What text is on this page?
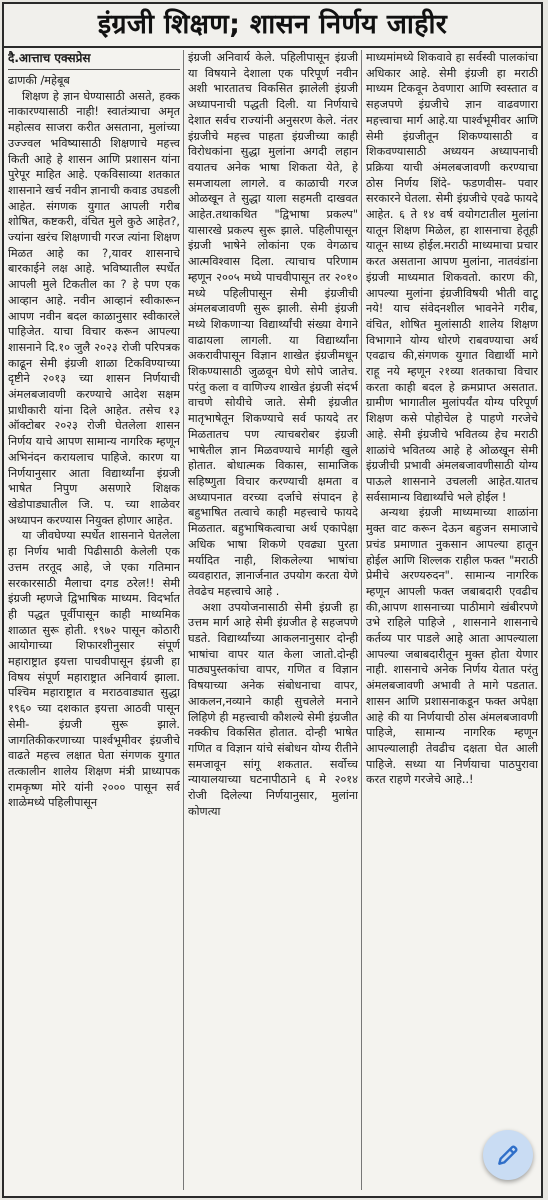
इंग्रजी शिक्षण; शासन निर्णय जाहीर
दै.आत्ताच एक्सप्रेस

ढाणकी /महेबूब

शिक्षण हे ज्ञान घेण्यासाठी असते, हक्क नाकारण्यासाठी नाही! स्वातंत्र्याचा अमृत महोत्सव साजरा करीत असताना, मुलांच्या उज्ज्वल भविष्यासाठी शिक्षणाचे महत्त्व किती आहे हे शासन आणि प्रशासन यांना पुरेपूर माहित आहे. एकविसाव्या शतकात शासनाने खर्च नवीन ज्ञानाची कवाड उघडली आहेत. संगणक युगात आपली गरीब शोषित, कष्टकरी, वंचित मुले कुठे आहेत?, ज्यांना खरंच शिक्षणाची गरज त्यांना शिक्षण मिळत आहे का ?,यावर शासनाचे बारकाईने लक्ष आहे. भविष्यातील स्पर्धेत आपली मुले टिकतील का ? हे पण एक आव्हान आहे. नवीन आव्हानं स्वीकारून आपण नवीन बदल काळानुसार स्वीकारले पाहिजेत. याचा विचार करून आपल्या शासनाने दि.१० जुलै २०२३ रोजी परिपत्रक काढून सेमी इंग्रजी शाळा टिकविण्याच्या दृष्टीने २०१३ च्या शासन निर्णयाची अंमलबजावणी करण्याचे आदेश सक्षम प्राधीकारी यांना दिले आहेत. तसेच १३ ऑक्टोबर २०२३ रोजी घेतलेला शासन निर्णय याचे आपण सामान्य नागरिक म्हणून अभिनंदन करायलाच पाहिजे. कारण या निर्णयानुसार आता विद्यार्थ्यांना इंग्रजी भाषेत निपुण असणारे शिक्षक खेडोपाड्यातील जि. प. च्या शाळेवर अध्यापन करण्यास नियुक्त होणार आहेत.

या जीवघेण्या स्पर्धेत शासनाने घेतलेला हा निर्णय भावी पिढीसाठी केलेली एक उत्तम तरतूद आहे, जे एका गतिमान सरकारसाठी मैलाचा दगड ठरेल!! सेमी इंग्रजी म्हणजे द्विभाषिक माध्यम. विदर्भात ही पद्धत पूर्वीपासून काही माध्यमिक शाळात सुरू होती. १९७२ पासून कोठारी आयोगाच्या शिफारशीनुसार संपूर्ण महाराष्ट्रात इयत्ता पाचवीपासून इंग्रजी हा विषय संपूर्ण महाराष्ट्रात अनिवार्य झाला. पश्चिम महाराष्ट्रात व मराठवाड्यात सुद्धा १९६० च्या दशकात इयत्ता आठवी पासून सेमी- इंग्रजी सुरू झाले. जागतिकीकरणाच्या पार्श्वभूमीवर इंग्रजीचे वाढते महत्त्व लक्षात घेता संगणक युगात तत्कालीन शालेय शिक्षण मंत्री प्राध्यापक रामकृष्ण मोरे यांनी २००० पासून सर्व शाळेमध्ये पहिलीपासून

इंग्रजी अनिवार्य केले. पहिलीपासून इंग्रजी या विषयाने देशाला एक परिपूर्ण नवीन अशी भारतातच विकसित झालेली इंग्रजी अध्यापनाची पद्धती दिली. या निर्णयाचे देशात सर्वच राज्यांनी अनुसरण केले. नंतर इंग्रजीचे महत्त्व पाहता इंग्रजीच्या काही विरोधकांना सुद्धा मुलांना अगदी लहान वयातच अनेक भाषा शिकता येते, हे समजायला लागले. व काळाची गरज ओळखून ते सुद्धा याला सहमती दाखवत आहेत.तथाकथित "द्विभाषा प्रकल्प" यासारखे प्रकल्प सुरू झाले. पहिलीपासून इंग्रजी भाषेने लोकांना एक वेगळाच आत्मविश्वास दिला. त्याचाच परिणाम म्हणून २००५ मध्ये पाचवीपासून तर २०१० मध्ये पहिलीपासून सेमी इंग्रजीची अंमलबजावणी सुरू झाली. सेमी इंग्रजी मध्ये शिकणाऱ्या विद्यार्थ्यांची संख्या वेगाने वाढायला लागली. या विद्यार्थ्यांना अकरावीपासून विज्ञान शाखेत इंग्रजीमधून शिकण्यासाठी जुळवून घेणे सोपे जातेच. परंतु कला व वाणिज्य शाखेत इंग्रजी संदर्भ वाचणे सोयीचे जाते. सेमी इंग्रजीत मातृभाषेतून शिकण्याचे सर्व फायदे तर मिळतातच पण त्याचबरोबर इंग्रजी भाषेतील ज्ञान मिळवण्याचे मार्गही खुले होतात. बोधात्मक विकास, सामाजिक सहिष्णुता विचार करण्याची क्षमता व अध्यापनात वरच्या दर्जाचे संपादन हे बहुभाषित तत्वाचे काही महत्त्वाचे फायदे मिळतात. बहुभाषिकत्वाचा अर्थ एकापेक्षा अधिक भाषा शिकणे एवढ्या पुरता मर्यादित नाही, शिकलेल्या भाषांचा व्यवहारात, ज्ञानार्जनात उपयोग करता येणे तेवढेच महत्त्वाचे आहे .

अशा उपयोजनासाठी सेमी इंग्रजी हा उत्तम मार्ग आहे सेमी इंग्रजीत हे सहजपणे घडते. विद्यार्थ्यांच्या आकलनानुसार दोन्ही भाषांचा वापर यात केला जातो.दोन्ही पाठ्यपुस्तकांचा वापर, गणित व विज्ञान विषयाच्या अनेक संबोधनाचा वापर, आकलन,नव्याने काही सुचलेले मनाने लिहिणे ही महत्त्वाची कौशल्ये सेमी इंग्रजीत नक्कीच विकसित होतात. दोन्ही भाषेत गणित व विज्ञान यांचे संबोधन योग्य रीतीने समजावून सांगू शकतात. सर्वोच्च न्यायालयाच्या घटनापीठाने ६ मे २०१४ रोजी दिलेल्या निर्णयानुसार, मुलांना कोणत्या

माध्यमांमध्ये शिकवावे हा सर्वस्वी पालकांचा अधिकार आहे. सेमी इंग्रजी हा मराठी माध्यम टिकवून ठेवणारा आणि स्वस्तात व सहजपणे इंग्रजीचे ज्ञान वाढवणारा महत्त्वाचा मार्ग आहे.या पार्श्वभूमीवर आणि सेमी इंग्रजीतून शिकण्यासाठी व शिकवण्यासाठी अध्ययन अध्यापनाची प्रक्रिया याची अंमलबजावणी करण्याचा ठोस निर्णय शिंदे- फडणवीस- पवार सरकारने घेतला. सेमी इंग्रजीचे एवढे फायदे आहेत. ६ ते १४ वर्ष वयोगटातील मुलांना यातून शिक्षण मिळेल, हा शासनाचा हेतूही यातून साध्य होईल.मराठी माध्यमाचा प्रचार करत असताना आपण मुलांना, नातवंडांना इंग्रजी माध्यमात शिकवतो. कारण की, आपल्या मुलांना इंग्रजीविषयी भीती वाटू नये! याच संवेदनशील भावनेने गरीब, वंचित, शोषित मुलांसाठी शालेय शिक्षण विभागाने योग्य धोरणे राबवण्याचा अर्थ एवढाच की,संगणक युगात विद्यार्थी मागे राहू नये म्हणून २१व्या शतकाचा विचार करता काही बदल हे क्रमप्राप्त असतात. ग्रामीण भागातील मुलांपर्यंत योग्य परिपूर्ण शिक्षण कसे पोहोचेल हे पाहणे गरजेचे आहे. सेमी इंग्रजीचे भवितव्य हेच मराठी शाळांचे भवितव्य आहे हे ओळखून सेमी इंग्रजीची प्रभावी अंमलबजावणीसाठी योग्य पाऊले शासनाने उचलली आहेत.यातच सर्वसामान्य विद्यार्थ्यांचे भले होईल !

अन्यथा इंग्रजी माध्यमाच्या शाळांना मुक्त वाट करून देऊन बहुजन समाजाचे प्रचंड प्रमाणात नुकसान आपल्या हातून होईल आणि शिल्लक राहील फक्त "मराठी प्रेमीचे अरण्यरुदन". सामान्य नागरिक म्हणून आपली फक्त जबाबदारी एवढीच की,आपण शासनाच्या पाठीमागे खंबीरपणे उभे राहिले पाहिजे , शासनाने शासनाचे कर्तव्य पार पाडले आहे आता आपल्याला आपल्या जबाबदारीतून मुक्त होता येणार नाही. शासनाचे अनेक निर्णय येतात परंतु अंमलबजावणी अभावी ते मागे पडतात. शासन आणि प्रशासनाकडून फक्त अपेक्षा आहे की या निर्णयाची ठोस अंमलबजावणी पाहिजे, सामान्य नागरिक म्हणून आपल्यालाही तेवढीच दक्षता घेत आली पाहिजे. सध्या या निर्णयाचा पाठपुरावा करत राहणे गरजेचे आहे..!
